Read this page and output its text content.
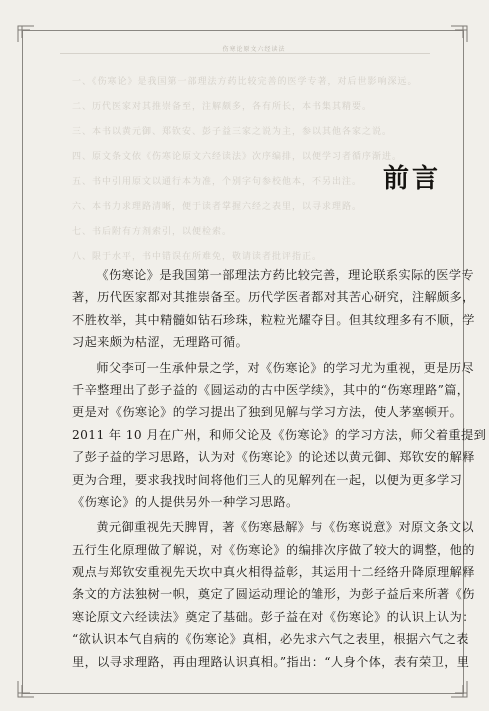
伤寒论原文六经读法
一、《伤寒论》是我国第一部理法方药比较完善的医学专著，对后世影响深远。
二、历代医家对其推崇备至，注解颇多，各有所长，本书集其精要。
三、本书以黄元御、郑钦安、彭子益三家之说为主，参以其他各家之说。
四、原文条文依《伤寒论原文六经读法》次序编排，以便学习者循序渐进。
五、书中引用原文以通行本为准，个别字句参校他本，不另出注。
六、本书力求理路清晰，便于读者掌握六经之表里，以寻求理路。
七、书后附有方剂索引，以便检索。
八、限于水平，书中错误在所难免，敬请读者批评指正。
前言
《伤寒论》是我国第一部理法方药比较完善，理论联系实际的医学专
著，历代医家都对其推崇备至。历代学医者都对其苦心研究，注解颇多，
不胜枚举，其中精髓如钻石珍珠，粒粒光耀夺目。但其纹理多有不顺，学
习起来颇为枯涩，无理路可循。
师父李可一生承仲景之学，对《伤寒论》的学习尤为重视，更是历尽
千辛整理出了彭子益的《圆运动的古中医学续》，其中的“伤寒理路”篇，
更是对《伤寒论》的学习提出了独到见解与学习方法，使人茅塞顿开。
2011 年 10 月在广州，和师父论及《伤寒论》的学习方法，师父着重提到
了彭子益的学习思路，认为对《伤寒论》的论述以黄元御、郑钦安的解释
更为合理，要求我找时间将他们三人的见解列在一起，以便为更多学习
《伤寒论》的人提供另外一种学习思路。
黄元御重视先天脾胃，著《伤寒悬解》与《伤寒说意》对原文条文以
五行生化原理做了解说，对《伤寒论》的编排次序做了较大的调整，他的
观点与郑钦安重视先天坎中真火相得益彰，其运用十二经络升降原理解释
条文的方法独树一帜，奠定了圆运动理论的雏形，为彭子益后来所著《伤
寒论原文六经读法》奠定了基础。彭子益在对《伤寒论》的认识上认为：
“欲认识本气自病的《伤寒论》真相，必先求六气之表里，根据六气之表
里，以寻求理路，再由理路认识真相。”指出：“人身个体，表有荣卫，里
